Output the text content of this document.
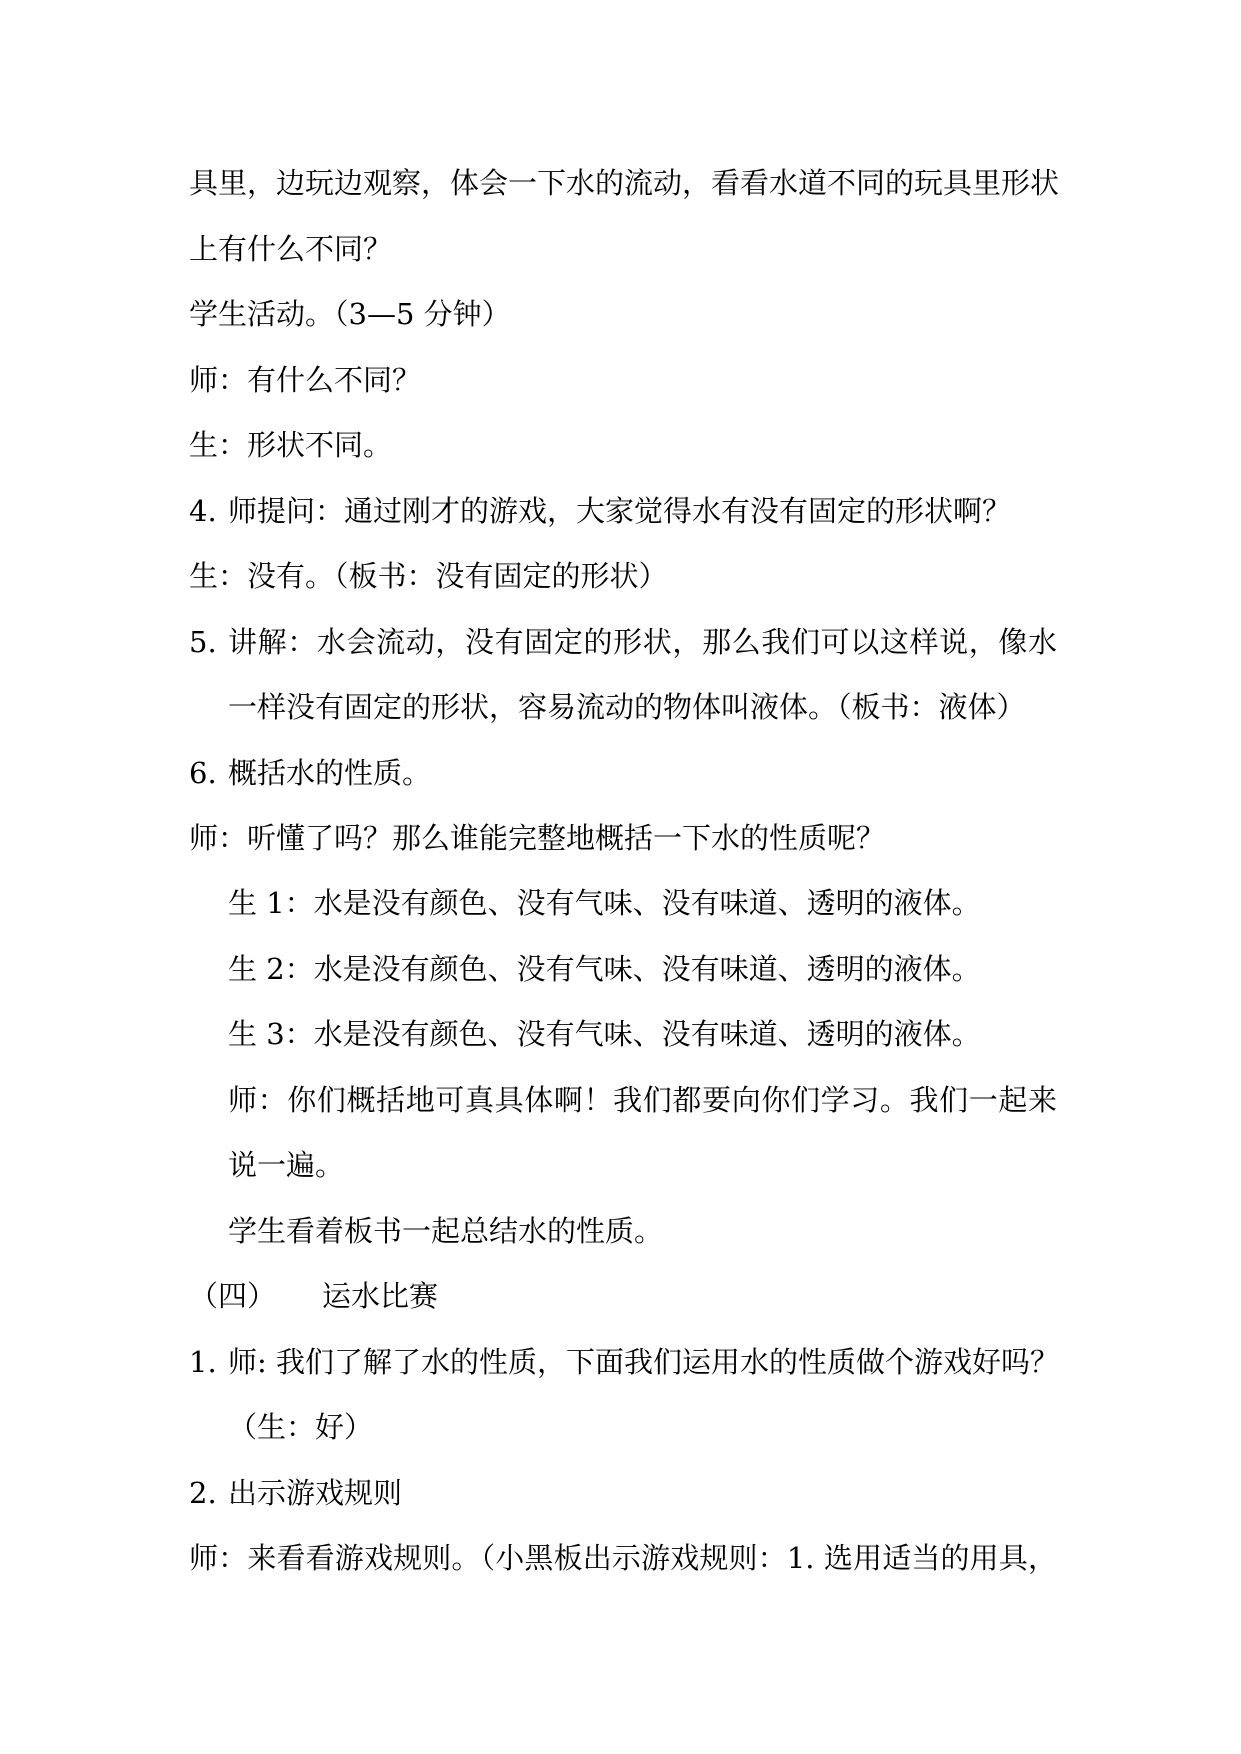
具里，边玩边观察，体会一下水的流动，看看水道不同的玩具里形状
上有什么不同？
学生活动。（3—5 分钟）
师：有什么不同？
生：形状不同。
4. 师提问：通过刚才的游戏，大家觉得水有没有固定的形状啊？
生：没有。（板书：没有固定的形状）
5. 讲解：水会流动，没有固定的形状，那么我们可以这样说，像水
一样没有固定的形状，容易流动的物体叫液体。（板书：液体）
6. 概括水的性质。
师：听懂了吗？那么谁能完整地概括一下水的性质呢？
生 1：水是没有颜色、没有气味、没有味道、透明的液体。
生 2：水是没有颜色、没有气味、没有味道、透明的液体。
生 3：水是没有颜色、没有气味、没有味道、透明的液体。
师：你们概括地可真具体啊！我们都要向你们学习。我们一起来
说一遍。
学生看着板书一起总结水的性质。
（四） 运水比赛
1. 师: 我们了解了水的性质，下面我们运用水的性质做个游戏好吗？
（生：好）
2. 出示游戏规则
师：来看看游戏规则。（小黑板出示游戏规则：1. 选用适当的用具，
